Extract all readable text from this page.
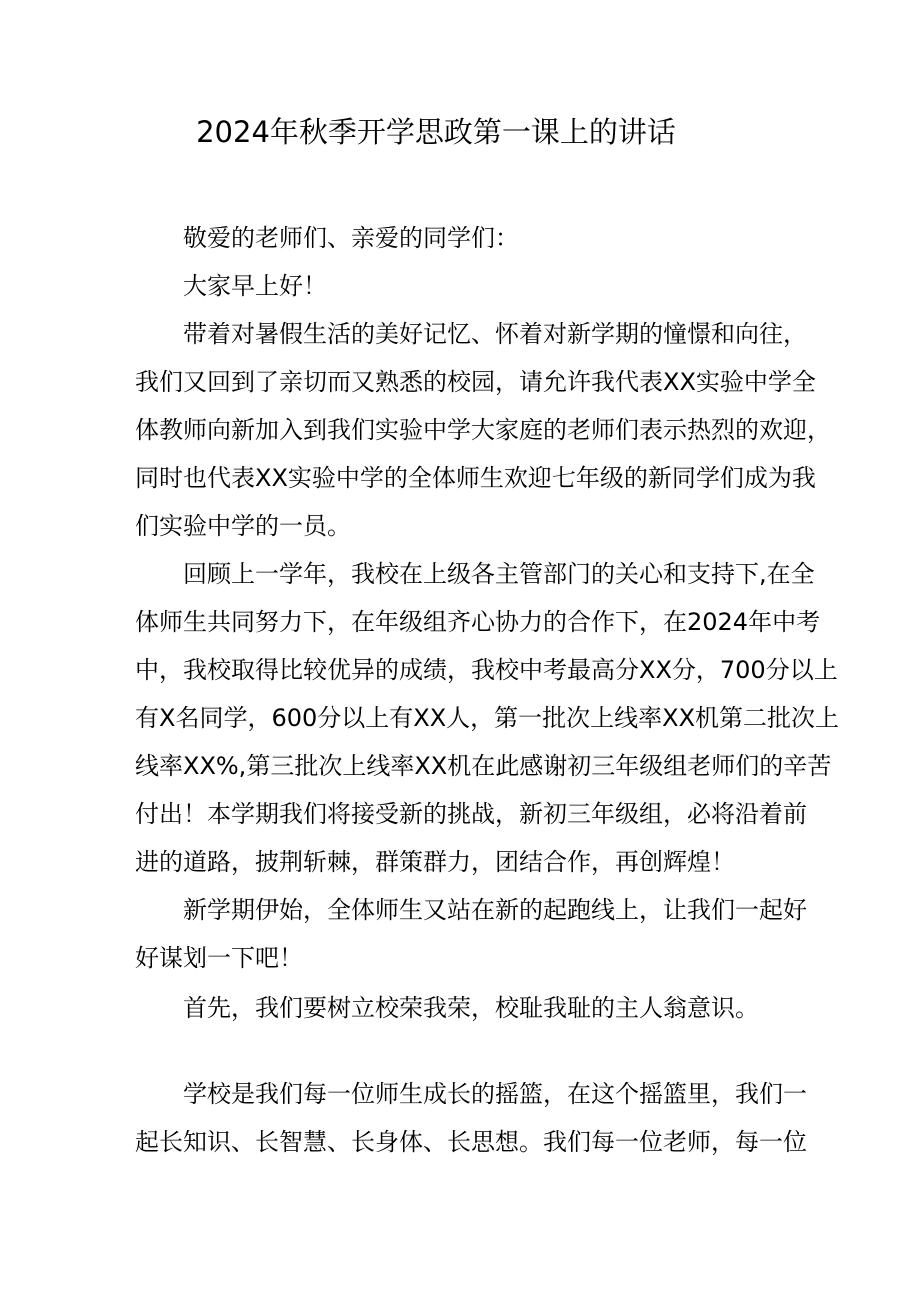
2024年秋季开学思政第一课上的讲话
敬爱的老师们、亲爱的同学们：
大家早上好！
带着对暑假生活的美好记忆、怀着对新学期的憧憬和向往，
我们又回到了亲切而又熟悉的校园，请允许我代表XX实验中学全
体教师向新加入到我们实验中学大家庭的老师们表示热烈的欢迎，
同时也代表XX实验中学的全体师生欢迎七年级的新同学们成为我
们实验中学的一员。
回顾上一学年，我校在上级各主管部门的关心和支持下,在全
体师生共同努力下，在年级组齐心协力的合作下，在2024年中考
中，我校取得比较优异的成绩，我校中考最高分XX分，700分以上
有X名同学，600分以上有XX人，第一批次上线率XX机第二批次上
线率XX%,第三批次上线率XX机在此感谢初三年级组老师们的辛苦
付出！本学期我们将接受新的挑战，新初三年级组，必将沿着前
进的道路，披荆斩棘，群策群力，团结合作，再创辉煌！
新学期伊始，全体师生又站在新的起跑线上，让我们一起好
好谋划一下吧！
首先，我们要树立校荣我荣，校耻我耻的主人翁意识。
学校是我们每一位师生成长的摇篮，在这个摇篮里，我们一
起长知识、长智慧、长身体、长思想。我们每一位老师，每一位
